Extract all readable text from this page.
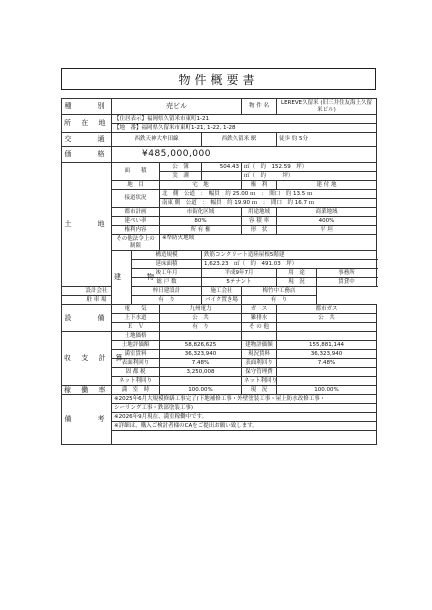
物件概要書
種　　別	売ビル				物 件 名	LEREVE久留米 (旧三井住友海上久留米ビル)	
所 在 地	【住居表示】福岡県久留米市東町1-21						
	【地　番】福岡県久留米市東町1-21, 1-22, 1-28						
交　　通	西鉄天神大牟田線			西鉄久留米 駅		徒歩 約 5分	
価　　格	¥485,000,000						
土　　地	面　　積		公　簿	504.43	㎡（　約　152.59　坪）		
			実　測		㎡（　約　　　坪）		
	地　目		宅　地		権　利	建 付 地	
	接道状況		北　側　公道　：　幅員　約 25.00 ｍ　：　間口　約 13.5 ｍ				
			南東 側　公道　：　幅員　約 19.90 ｍ　：　間口　約 16.7 ｍ				
	都市計画		市街化区域		用途地域	商業地域	
	建ぺい率		80%		容 積 率	400%	
	権利内容		所 有 権		形　状	平 坦	
	その他法令上の制限		※準防火地域				
	建　　物	構造規模		鉄筋コンクリート造陸屋根5階建			
		延床面積		1,623.23　㎡（　約　491.03　坪）			
		竣工年月		平成9年7月		用　途	事務所
		総 戸 数		5テナント		現　況	賃貸中
設計会社		梓日建設計		施工会社	梅竹中工務店		
駐 車 場		有　り		バイク置き場	有　り		
設　　備	電　　気		九州電力		ガ　ス	都市ガス	
	上下水道		公　共		雑排水	公　共	
	Ｅ　Ｖ		有　り		そ の 他		
収 支 計 算	土地価格						
	土地評価額		58,826,625		建物評価額	155,881,144	
	満室賃料		36,323,940		現況賃料	36,323,940	
	表面利回り		7.48%		表面利回り	7.48%	
	固 都 税		3,250,008		保守管理費		
	ネット利回り				ネット利回り		
稼 働 率	満　室　時		100.00%		現　況	100.00%	
備　　考	※2025年6月大規模修繕工事完了(下地補修工事・外壁塗装工事・屋上防水改修工事・						
	シーリング工事・鉄部塗装工事)						
	※2026年9月現在、満室稼働中です。						
	※詳細は、購入ご検討者様のCAをご提出お願い致します。						
